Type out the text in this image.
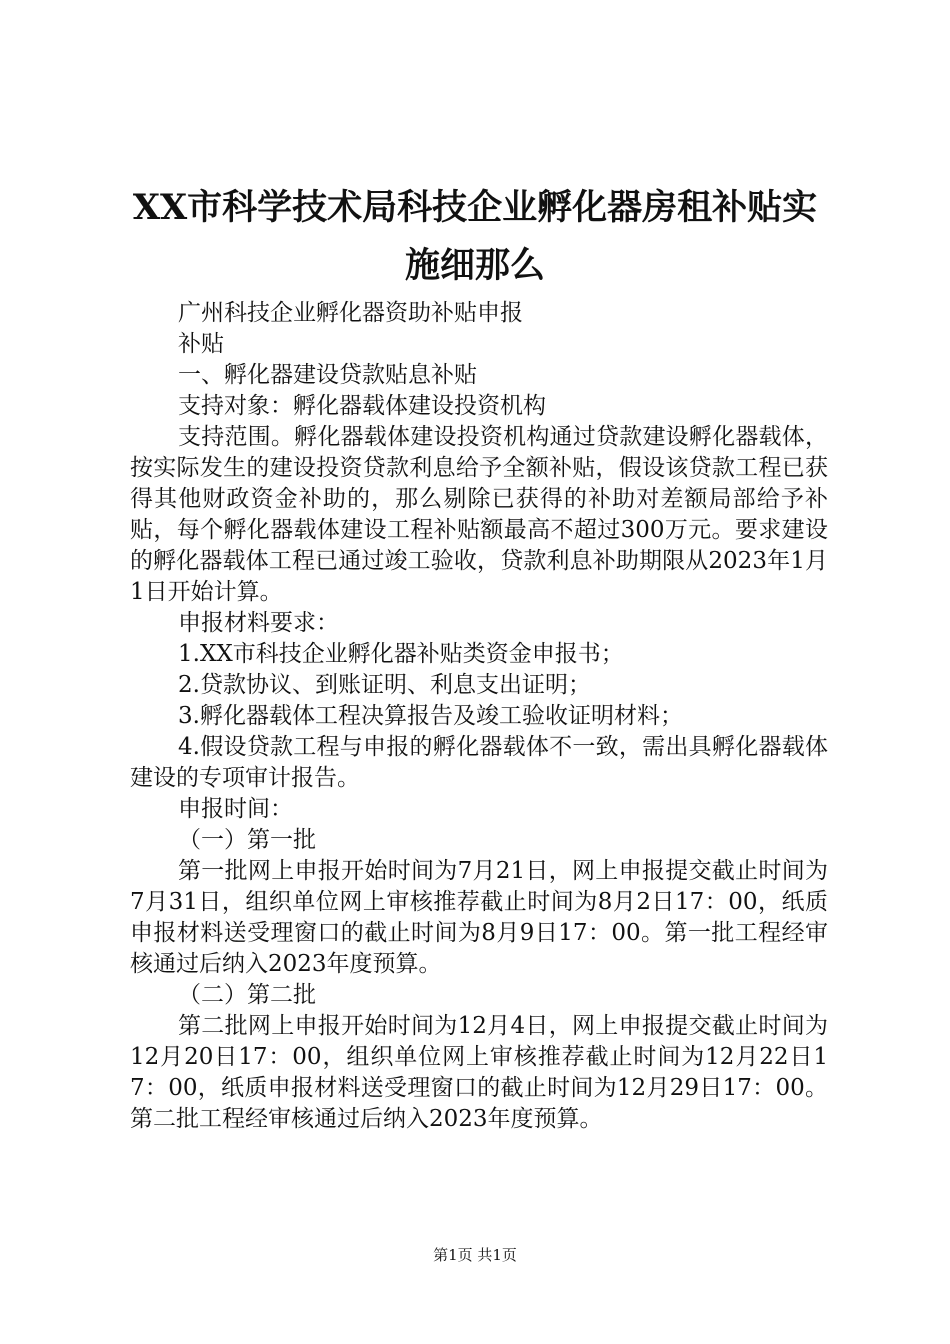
XX市科学技术局科技企业孵化器房租补贴实
施细那么

广州科技企业孵化器资助补贴申报

补贴

一、孵化器建设贷款贴息补贴

支持对象：孵化器载体建设投资机构

支持范围。孵化器载体建设投资机构通过贷款建设孵化器载体，按实际发生的建设投资贷款利息给予全额补贴，假设该贷款工程已获得其他财政资金补助的，那么剔除已获得的补助对差额局部给予补贴，每个孵化器载体建设工程补贴额最高不超过300万元。要求建设的孵化器载体工程已通过竣工验收，贷款利息补助期限从2023年1月1日开始计算。

申报材料要求：

1.XX市科技企业孵化器补贴类资金申报书；

2.贷款协议、到账证明、利息支出证明；

3.孵化器载体工程决算报告及竣工验收证明材料；

4.假设贷款工程与申报的孵化器载体不一致，需出具孵化器载体建设的专项审计报告。

申报时间：

（一）第一批

第一批网上申报开始时间为7月21日，网上申报提交截止时间为7月31日，组织单位网上审核推荐截止时间为8月2日17：00，纸质申报材料送受理窗口的截止时间为8月9日17：00。第一批工程经审核通过后纳入2023年度预算。

（二）第二批

第二批网上申报开始时间为12月4日，网上申报提交截止时间为12月20日17：00，组织单位网上审核推荐截止时间为12月22日17：00，纸质申报材料送受理窗口的截止时间为12月29日17：00。第二批工程经审核通过后纳入2023年度预算。

第1页 共1页
